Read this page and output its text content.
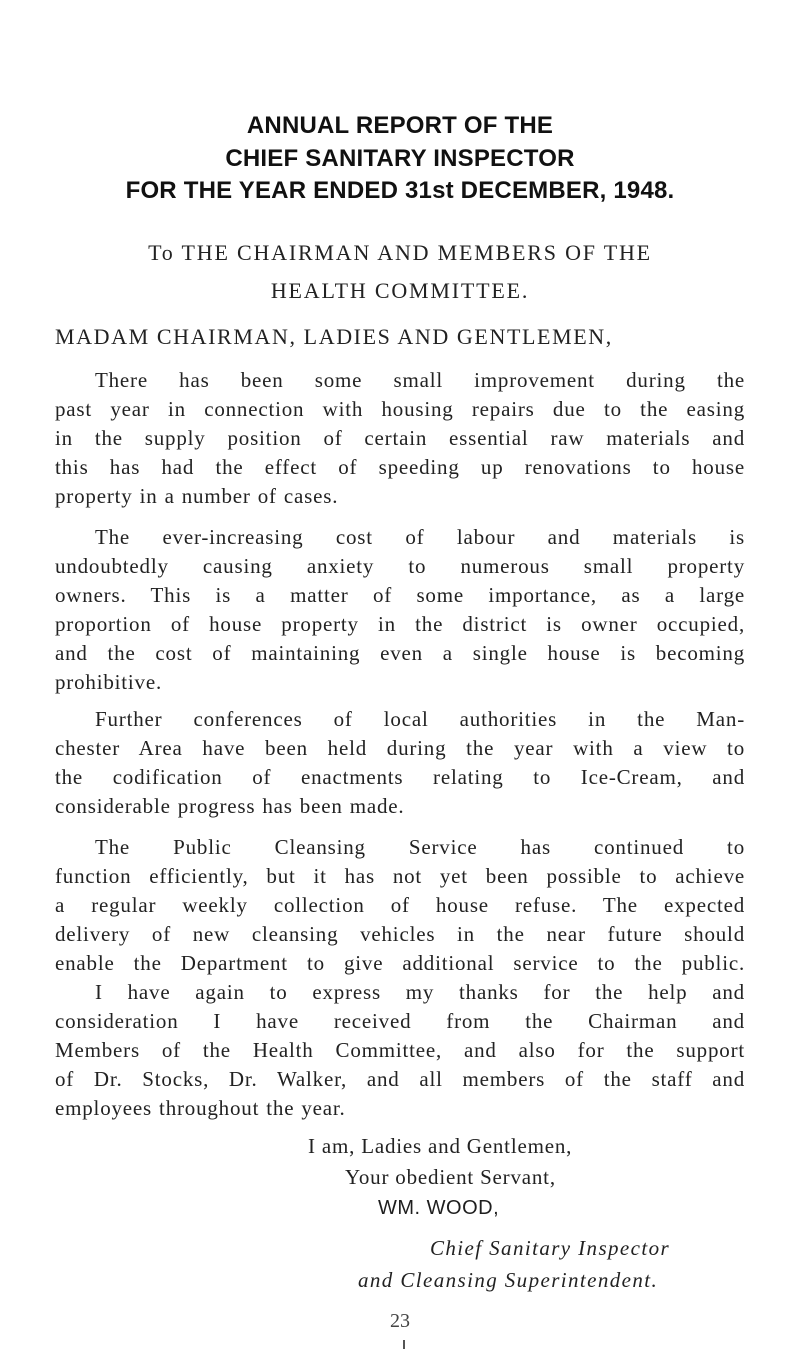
ANNUAL REPORT OF THE
CHIEF SANITARY INSPECTOR
FOR THE YEAR ENDED 31st DECEMBER, 1948.
To THE CHAIRMAN AND MEMBERS OF THE
HEALTH COMMITTEE.
MADAM CHAIRMAN, LADIES AND GENTLEMEN,
There has been some small improvement during the
past year in connection with housing repairs due to the easing
in the supply position of certain essential raw materials and
this has had the effect of speeding up renovations to house
property in a number of cases.
The ever-increasing cost of labour and materials is
undoubtedly causing anxiety to numerous small property
owners. This is a matter of some importance, as a large
proportion of house property in the district is owner occupied,
and the cost of maintaining even a single house is becoming
prohibitive.
Further conferences of local authorities in the Man-
chester Area have been held during the year with a view to
the codification of enactments relating to Ice-Cream, and
considerable progress has been made.
The Public Cleansing Service has continued to
function efficiently, but it has not yet been possible to achieve
a regular weekly collection of house refuse. The expected
delivery of new cleansing vehicles in the near future should
enable the Department to give additional service to the public.
I have again to express my thanks for the help and
consideration I have received from the Chairman and
Members of the Health Committee, and also for the support
of Dr. Stocks, Dr. Walker, and all members of the staff and
employees throughout the year.
I am, Ladies and Gentlemen,
Your obedient Servant,
WM. WOOD,
Chief Sanitary Inspector
and Cleansing Superintendent.
23
